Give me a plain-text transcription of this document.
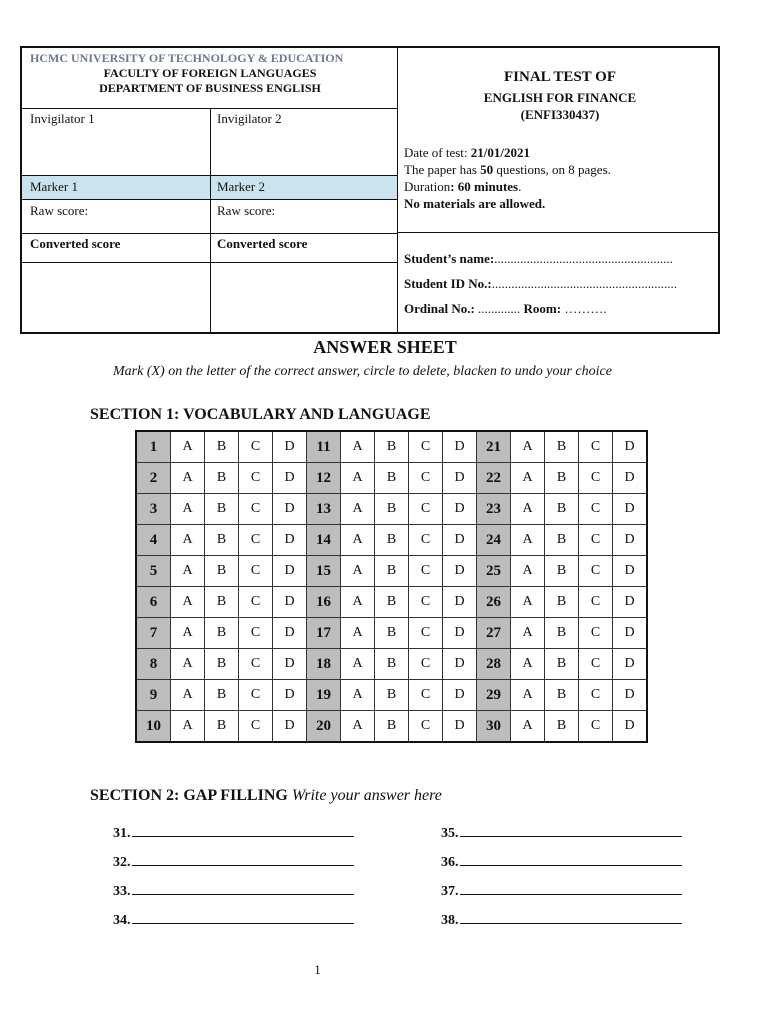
HCMC UNIVERSITY OF TECHNOLOGY & EDUCATION
FACULTY OF FOREIGN LANGUAGES
DEPARTMENT OF BUSINESS ENGLISH
Invigilator 1	Invigilator 2
Marker 1	Marker 2
Raw score:	Raw score:
Converted score	Converted score
FINAL TEST OF
ENGLISH FOR FINANCE
(ENFI330437)
Date of test: 21/01/2021
The paper has 50 questions, on 8 pages.
Duration: 60 minutes.
No materials are allowed.
Student’s name:.......................................................
Student ID No.:.........................................................
Ordinal No.: ............. Room: ……….
ANSWER SHEET
Mark (X) on the letter of the correct answer, circle to delete, blacken to undo your choice
SECTION 1: VOCABULARY AND LANGUAGE
1	A	B	C	D	11	A	B	C	D	21	A	B	C	D
2	A	B	C	D	12	A	B	C	D	22	A	B	C	D
3	A	B	C	D	13	A	B	C	D	23	A	B	C	D
4	A	B	C	D	14	A	B	C	D	24	A	B	C	D
5	A	B	C	D	15	A	B	C	D	25	A	B	C	D
6	A	B	C	D	16	A	B	C	D	26	A	B	C	D
7	A	B	C	D	17	A	B	C	D	27	A	B	C	D
8	A	B	C	D	18	A	B	C	D	28	A	B	C	D
9	A	B	C	D	19	A	B	C	D	29	A	B	C	D
10	A	B	C	D	20	A	B	C	D	30	A	B	C	D
SECTION 2: GAP FILLING Write your answer here
31.
32.
33.
34.
35.
36.
37.
38.
1
